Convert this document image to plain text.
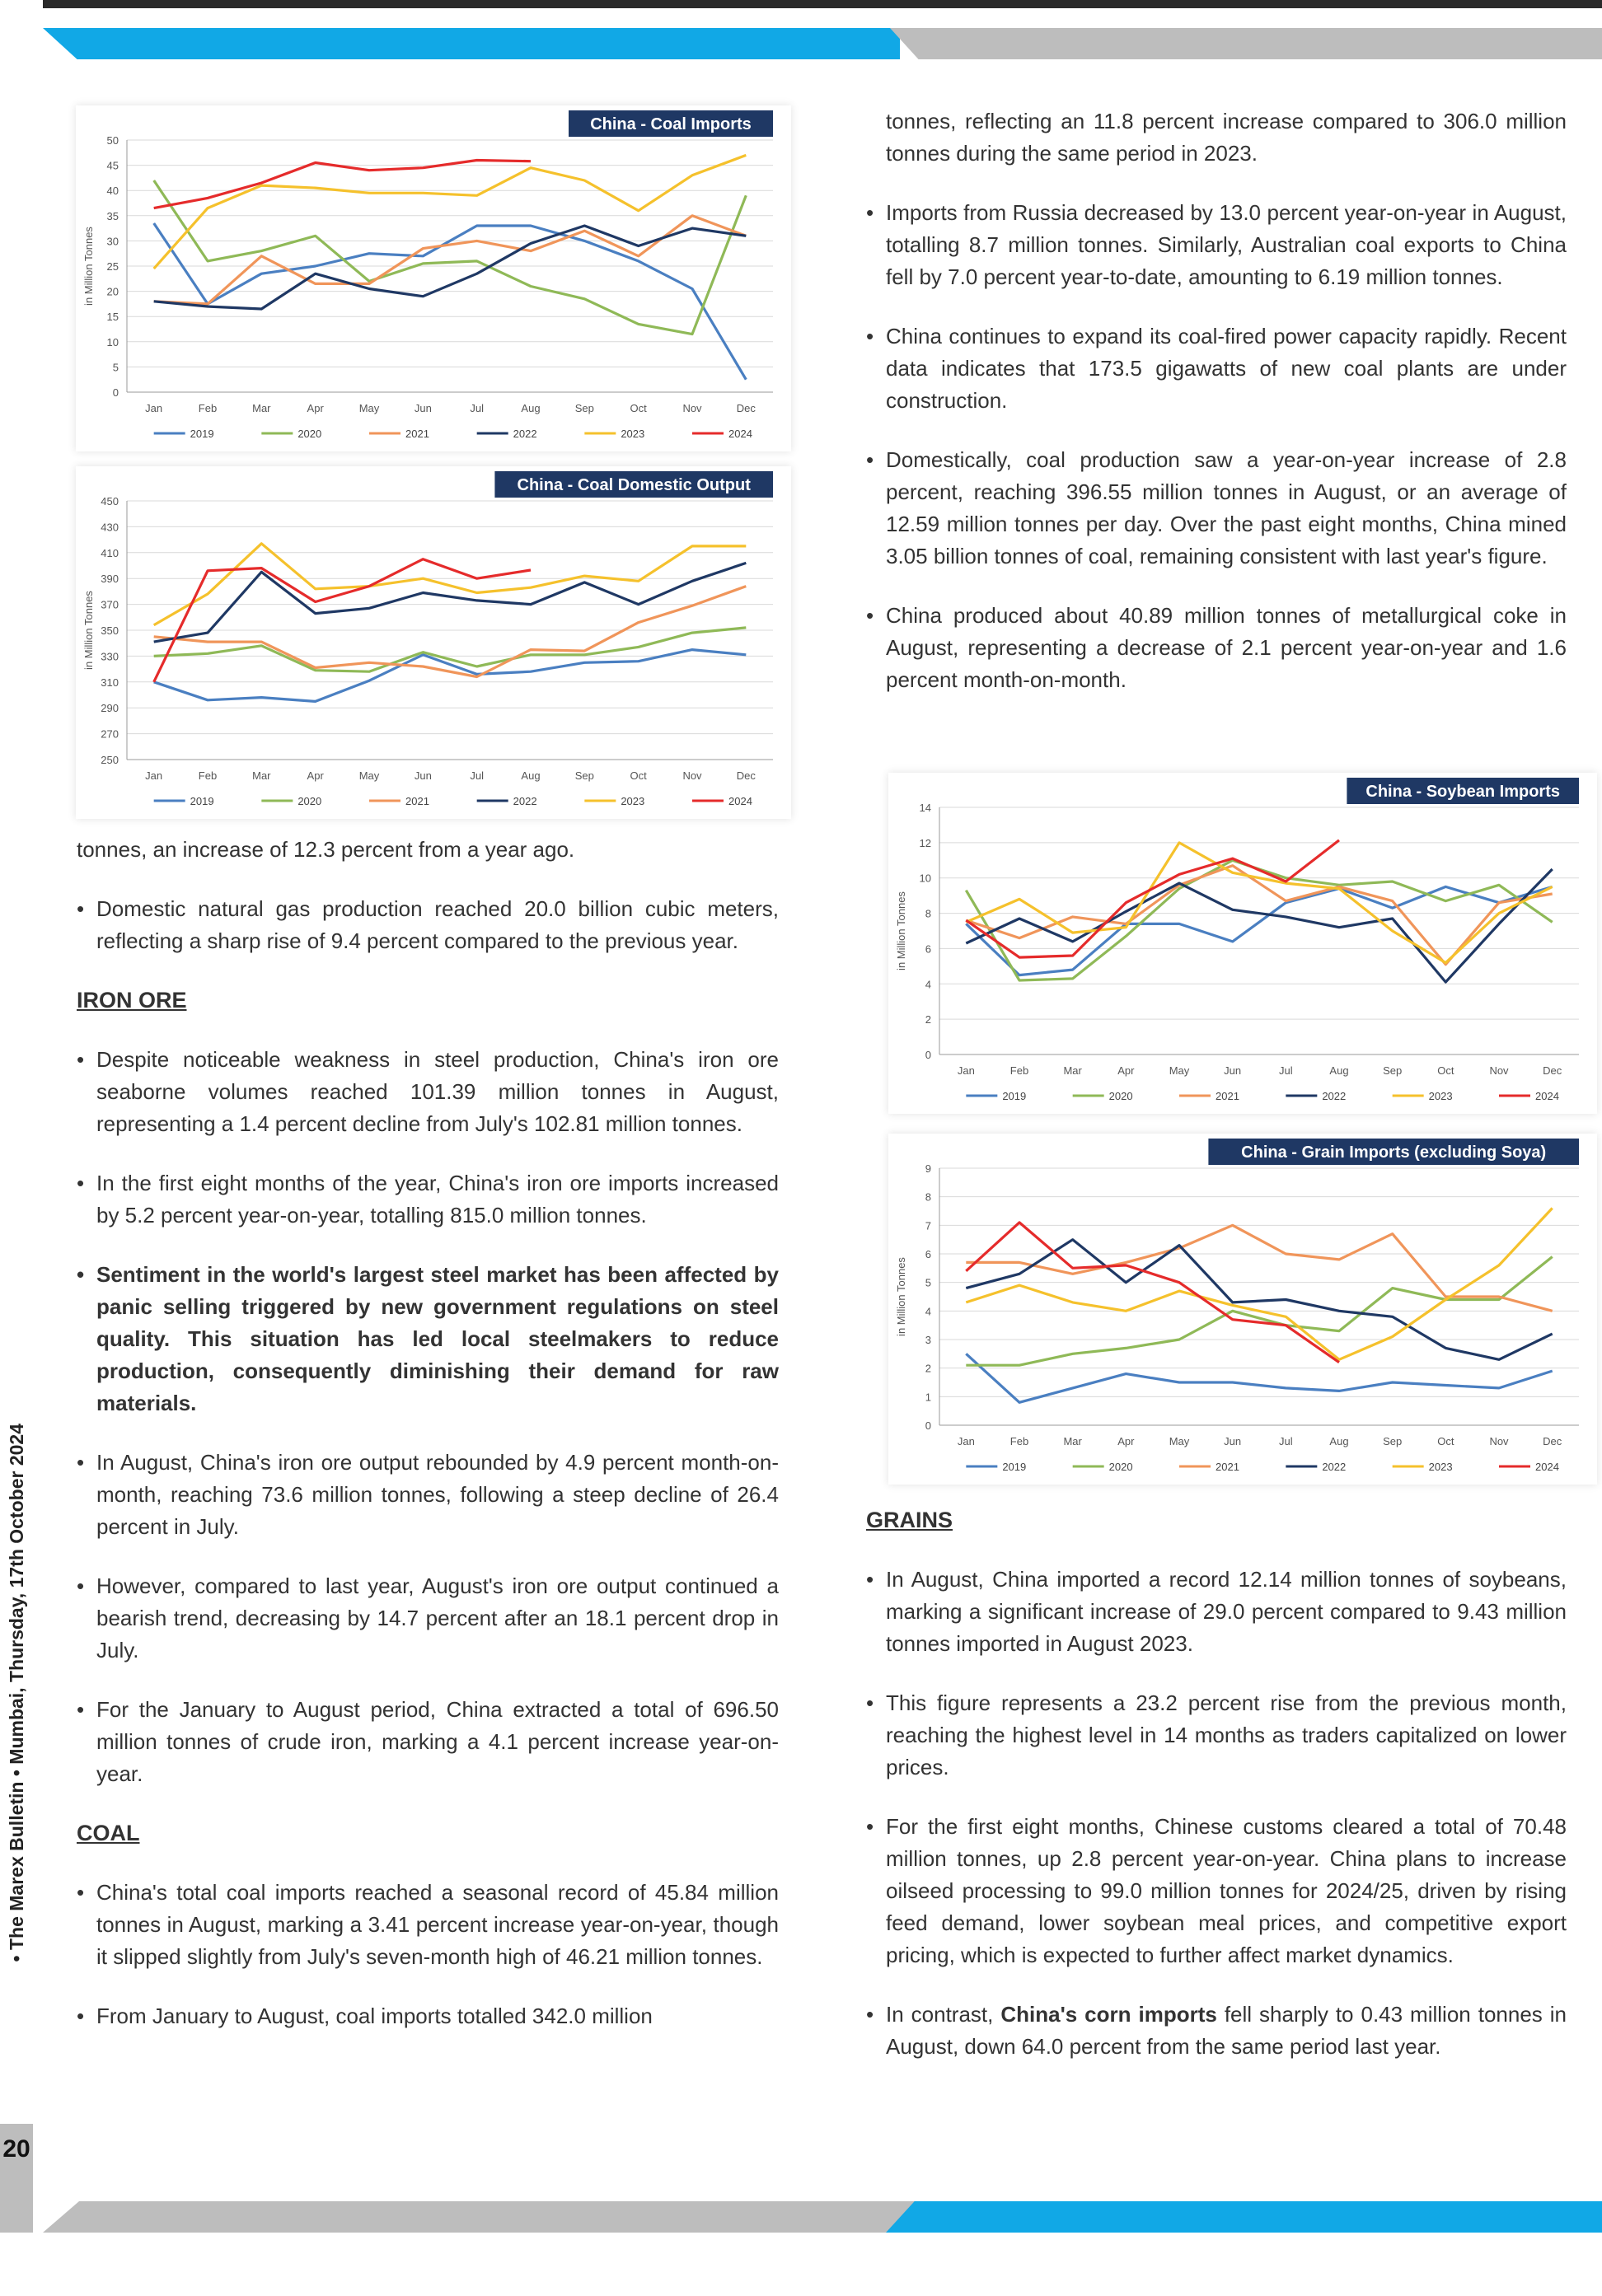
• The Marex Bulletin • Mumbai, Thursday, 17th October 2024
20
China - Coal Imports
0
5
10
15
20
25
30
35
40
45
50
in Million Tonnes
Jan	Feb	Mar	Apr	May	Jun	Jul	Aug	Sep	Oct	Nov	Dec
2019	2020	2021	2022	2023	2024
China - Coal Domestic Output
250
270
290
310
330
350
370
390
410
430
450
in Million Tonnes
Jan	Feb	Mar	Apr	May	Jun	Jul	Aug	Sep	Oct	Nov	Dec
2019	2020	2021	2022	2023	2024
China - Soybean Imports
0
2
4
6
8
10
12
14
in Million Tonnes
Jan	Feb	Mar	Apr	May	Jun	Jul	Aug	Sep	Oct	Nov	Dec
2019	2020	2021	2022	2023	2024
China - Grain Imports (excluding Soya)
0
1
2
3
4
5
6
7
8
9
in Million Tonnes
Jan	Feb	Mar	Apr	May	Jun	Jul	Aug	Sep	Oct	Nov	Dec
2019	2020	2021	2022	2023	2024

tonnes, an increase of 12.3 percent from a year ago.

• Domestic natural gas production reached 20.0 billion cubic meters, reflecting a sharp rise of 9.4 percent compared to the previous year.

IRON ORE

• Despite noticeable weakness in steel production, China's iron ore seaborne volumes reached 101.39 million tonnes in August, representing a 1.4 percent decline from July's 102.81 million tonnes.

• In the first eight months of the year, China's iron ore imports increased by 5.2 percent year-on-year, totalling 815.0 million tonnes.

• Sentiment in the world's largest steel market has been affected by panic selling triggered by new government regulations on steel quality. This situation has led local steelmakers to reduce production, consequently diminishing their demand for raw materials.

• In August, China's iron ore output rebounded by 4.9 percent month-on-month, reaching 73.6 million tonnes, following a steep decline of 26.4 percent in July.

• However, compared to last year, August's iron ore output continued a bearish trend, decreasing by 14.7 percent after an 18.1 percent drop in July.

• For the January to August period, China extracted a total of 696.50 million tonnes of crude iron, marking a 4.1 percent increase year-on-year.

COAL

• China's total coal imports reached a seasonal record of 45.84 million tonnes in August, marking a 3.41 percent increase year-on-year, though it slipped slightly from July's seven-month high of 46.21 million tonnes.

• From January to August, coal imports totalled 342.0 million

tonnes, reflecting an 11.8 percent increase compared to 306.0 million tonnes during the same period in 2023.

• Imports from Russia decreased by 13.0 percent year-on-year in August, totalling 8.7 million tonnes. Similarly, Australian coal exports to China fell by 7.0 percent year-to-date, amounting to 6.19 million tonnes.

• China continues to expand its coal-fired power capacity rapidly. Recent data indicates that 173.5 gigawatts of new coal plants are under construction.

• Domestically, coal production saw a year-on-year increase of 2.8 percent, reaching 396.55 million tonnes in August, or an average of 12.59 million tonnes per day. Over the past eight months, China mined 3.05 billion tonnes of coal, remaining consistent with last year's figure.

• China produced about 40.89 million tonnes of metallurgical coke in August, representing a decrease of 2.1 percent year-on-year and 1.6 percent month-on-month.

GRAINS

• In August, China imported a record 12.14 million tonnes of soybeans, marking a significant increase of 29.0 percent compared to 9.43 million tonnes imported in August 2023.

• This figure represents a 23.2 percent rise from the previous month, reaching the highest level in 14 months as traders capitalized on lower prices.

• For the first eight months, Chinese customs cleared a total of 70.48 million tonnes, up 2.8 percent year-on-year. China plans to increase oilseed processing to 99.0 million tonnes for 2024/25, driven by rising feed demand, lower soybean meal prices, and competitive export pricing, which is expected to further affect market dynamics.

• In contrast, China's corn imports fell sharply to 0.43 million tonnes in August, down 64.0 percent from the same period last year.
